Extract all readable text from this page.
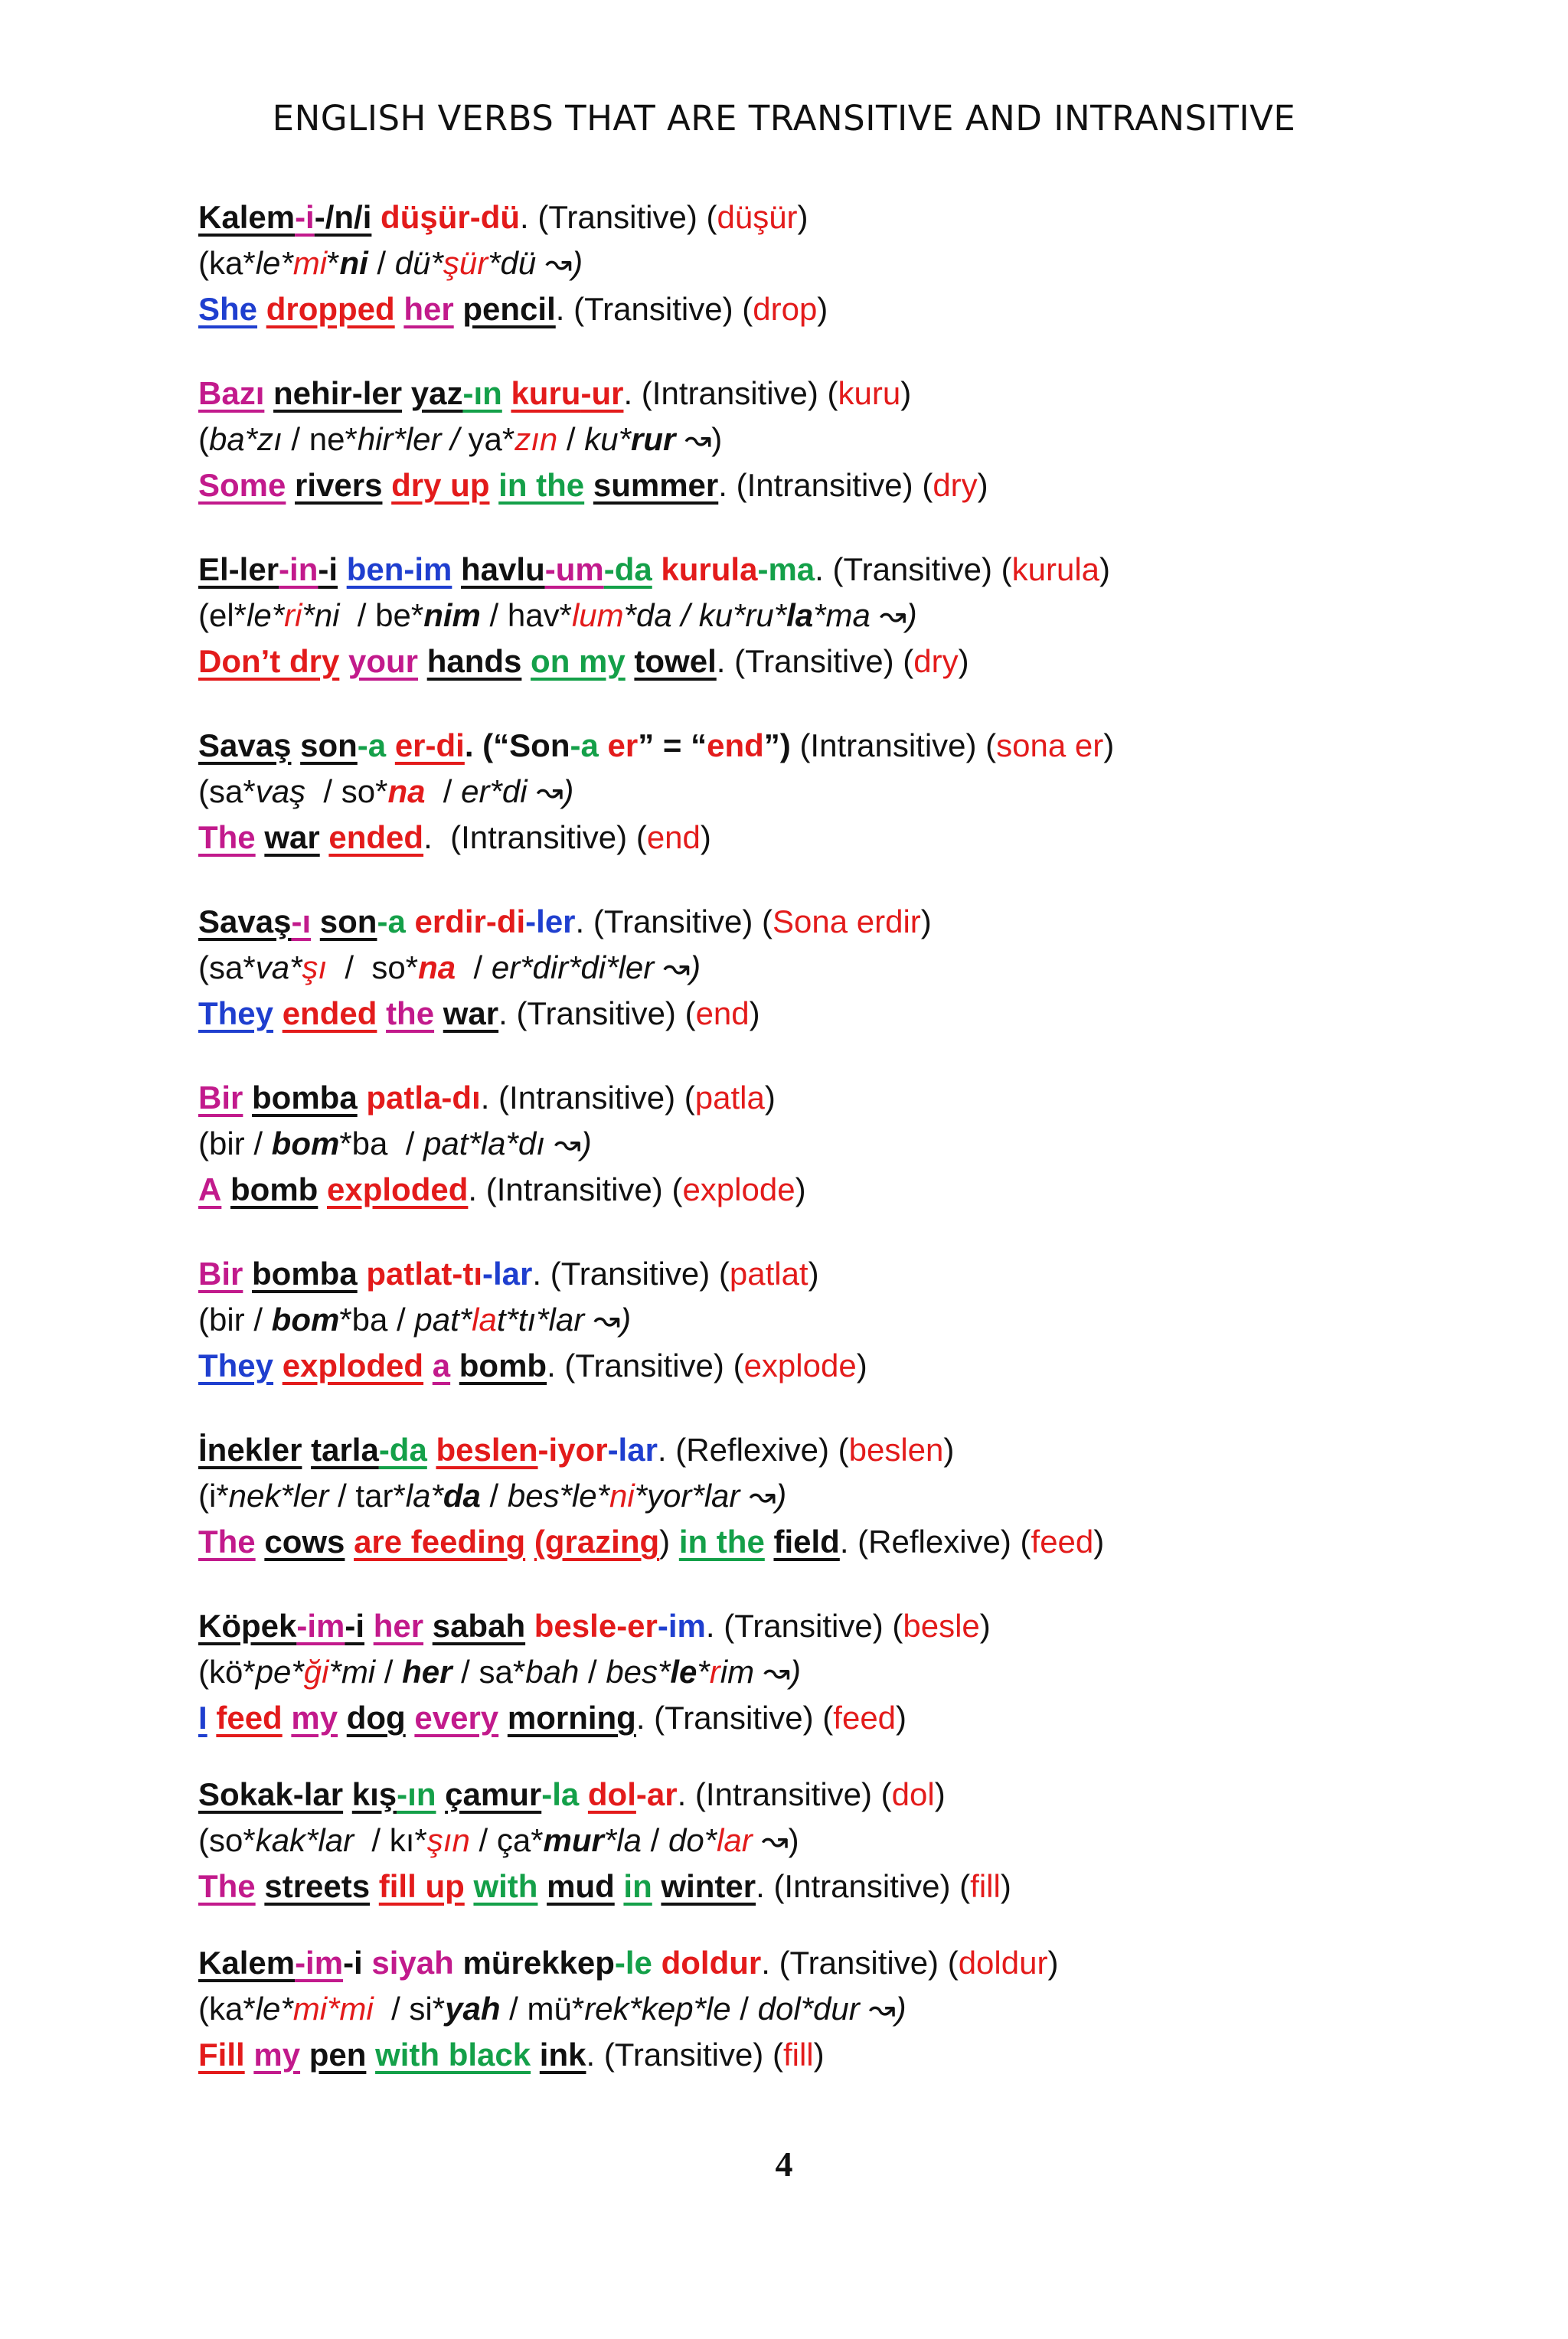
ENGLISH VERBS THAT ARE TRANSITIVE AND INTRANSITIVE
Kalem-i-/n/i düşür-dü. (Transitive) (düşür)
(ka*le*mi*ni / dü*şür*dü ↝)
She dropped her pencil. (Transitive) (drop)
Bazı nehir-ler yaz-ın kuru-ur. (Intransitive) (kuru)
(ba*zı / ne*hir*ler / ya*zın / ku*rur ↝)
Some rivers dry up in the summer. (Intransitive) (dry)
El-ler-in-i ben-im havlu-um-da kurula-ma. (Transitive) (kurula)
(el*le*ri*ni  / be*nim / hav*lum*da / ku*ru*la*ma ↝)
Don’t dry your hands on my towel. (Transitive) (dry)
Savaş son-a er-di. (“Son-a er” = “end”) (Intransitive) (sona er)
(sa*vaş  / so*na  / er*di ↝)
The war ended.  (Intransitive) (end)
Savaş-ı son-a erdir-di-ler. (Transitive) (Sona erdir)
(sa*va*şı  /  so*na  / er*dir*di*ler ↝)
They ended the war. (Transitive) (end)
Bir bomba patla-dı. (Intransitive) (patla)
(bir / bom*ba  / pat*la*dı ↝)
A bomb exploded. (Intransitive) (explode)
Bir bomba patlat-tı-lar. (Transitive) (patlat)
(bir / bom*ba / pat*lat*tı*lar ↝)
They exploded a bomb. (Transitive) (explode)
İnekler tarla-da beslen-iyor-lar. (Reflexive) (beslen)
(i*nek*ler / tar*la*da / bes*le*ni*yor*lar ↝)
The cows are feeding (grazing) in the field. (Reflexive) (feed)
Köpek-im-i her sabah besle-er-im. (Transitive) (besle)
(kö*pe*ği*mi / her / sa*bah / bes*le*rim ↝)
I feed my dog every morning. (Transitive) (feed)
Sokak-lar kış-ın çamur-la dol-ar. (Intransitive) (dol)
(so*kak*lar  / kı*şın / ça*mur*la / do*lar ↝)
The streets fill up with mud in winter. (Intransitive) (fill)
Kalem-im-i siyah mürekkep-le doldur. (Transitive) (doldur)
(ka*le*mi*mi  / si*yah / mü*rek*kep*le / dol*dur ↝)
Fill my pen with black ink. (Transitive) (fill)
4
